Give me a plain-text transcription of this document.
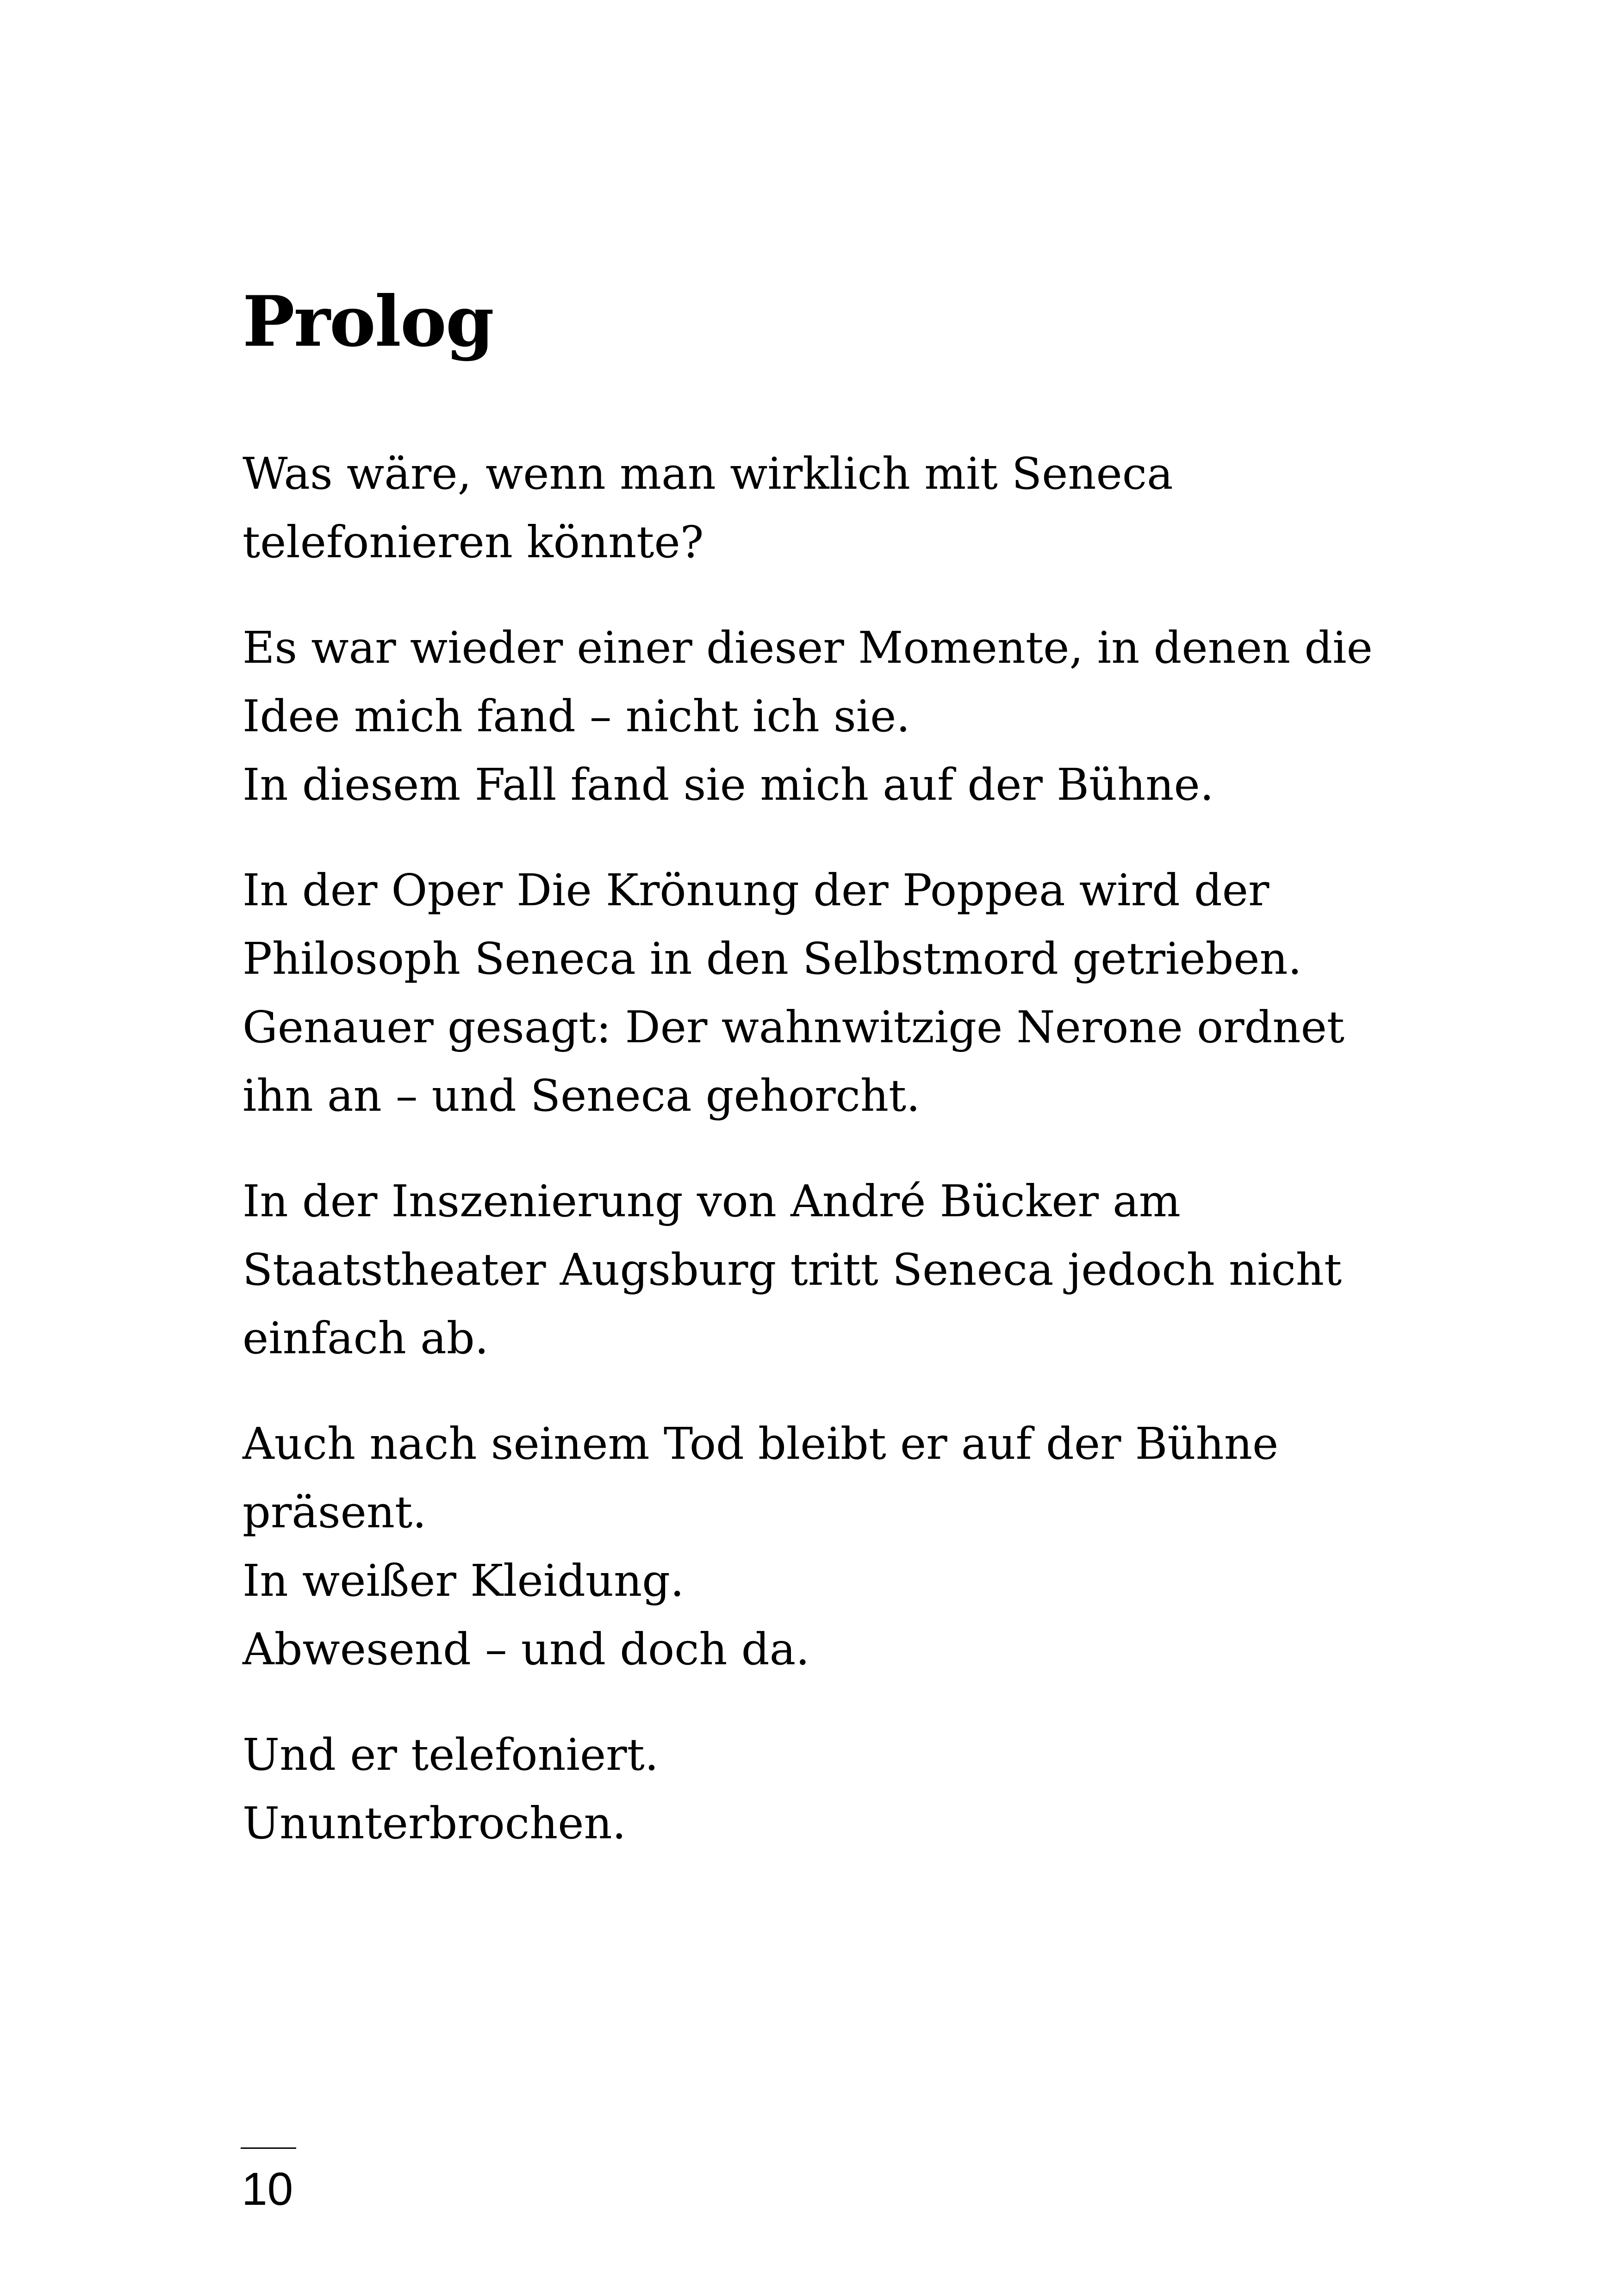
Prolog

Was wäre, wenn man wirklich mit Seneca
telefonieren könnte?

Es war wieder einer dieser Momente, in denen die
Idee mich fand – nicht ich sie.
In diesem Fall fand sie mich auf der Bühne.

In der Oper Die Krönung der Poppea wird der
Philosoph Seneca in den Selbstmord getrieben.
Genauer gesagt: Der wahnwitzige Nerone ordnet
ihn an – und Seneca gehorcht.

In der Inszenierung von André Bücker am
Staatstheater Augsburg tritt Seneca jedoch nicht
einfach ab.

Auch nach seinem Tod bleibt er auf der Bühne
präsent.
In weißer Kleidung.
Abwesend – und doch da.

Und er telefoniert.
Ununterbrochen.

10
